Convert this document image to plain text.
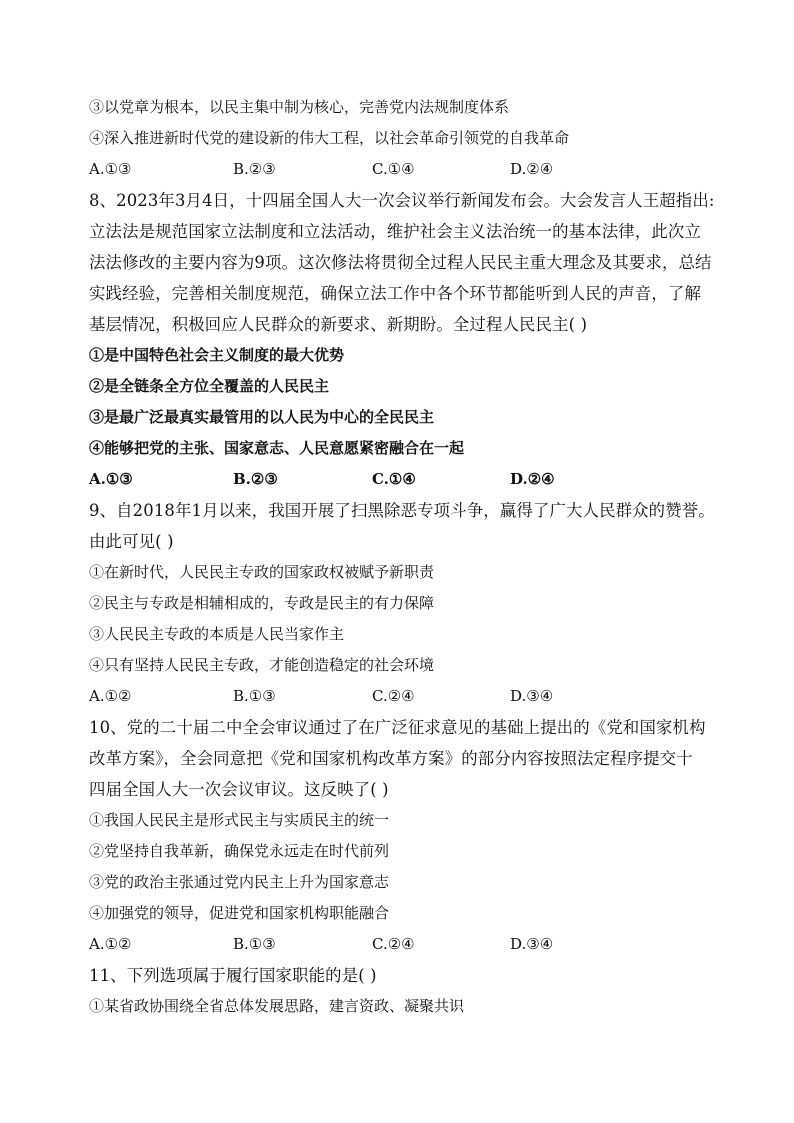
③以党章为根本，以民主集中制为核心，完善党内法规制度体系
④深入推进新时代党的建设新的伟大工程，以社会革命引领党的自我革命
A.①③	B.②③	C.①④	D.②④
8、2023年3月4日，十四届全国人大一次会议举行新闻发布会。大会发言人王超指出:
立法法是规范国家立法制度和立法活动，维护社会主义法治统一的基本法律，此次立
法法修改的主要内容为9项。这次修法将贯彻全过程人民民主重大理念及其要求，总结
实践经验，完善相关制度规范，确保立法工作中各个环节都能听到人民的声音，了解
基层情况，积极回应人民群众的新要求、新期盼。全过程人民民主( )
①是中国特色社会主义制度的最大优势
②是全链条全方位全覆盖的人民民主
③是最广泛最真实最管用的以人民为中心的全民民主
④能够把党的主张、国家意志、人民意愿紧密融合在一起
A.①③	B.②③	C.①④	D.②④
9、自2018年1月以来，我国开展了扫黑除恶专项斗争，赢得了广大人民群众的赞誉。
由此可见( )
①在新时代，人民民主专政的国家政权被赋予新职责
②民主与专政是相辅相成的，专政是民主的有力保障
③人民民主专政的本质是人民当家作主
④只有坚持人民民主专政，才能创造稳定的社会环境
A.①②	B.①③	C.②④	D.③④
10、党的二十届二中全会审议通过了在广泛征求意见的基础上提出的《党和国家机构
改革方案》，全会同意把《党和国家机构改革方案》的部分内容按照法定程序提交十
四届全国人大一次会议审议。这反映了( )
①我国人民民主是形式民主与实质民主的统一
②党坚持自我革新，确保党永远走在时代前列
③党的政治主张通过党内民主上升为国家意志
④加强党的领导，促进党和国家机构职能融合
A.①②	B.①③	C.②④	D.③④
11、下列选项属于履行国家职能的是( )
①某省政协围绕全省总体发展思路，建言资政、凝聚共识
